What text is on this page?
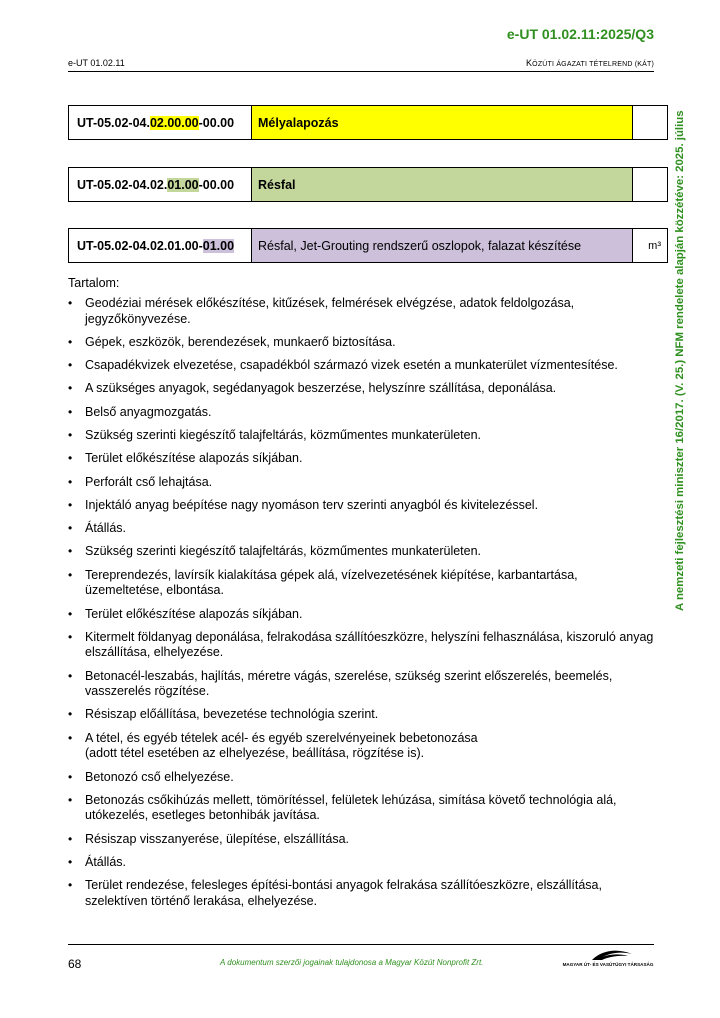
e-UT 01.02.11:2025/Q3
e-UT 01.02.11	KÖZÚTI ÁGAZATI TÉTELREND (KÁT)
A nemzeti fejlesztési miniszter 16/2017. (V. 25.) NFM rendelete alapján közzétéve: 2025. július
UT-05.02-04.02.00.00-00.00	Mélyalapozás	
UT-05.02-04.02.01.00-00.00	Résfal	
UT-05.02-04.02.01.00-01.00	Résfal, Jet-Grouting rendszerű oszlopok, falazat készítése	m³
Tartalom:
• Geodéziai mérések előkészítése, kitűzések, felmérések elvégzése, adatok feldolgozása, jegyzőkönyvezése.
• Gépek, eszközök, berendezések, munkaerő biztosítása.
• Csapadékvizek elvezetése, csapadékból származó vizek esetén a munkaterület vízmentesítése.
• A szükséges anyagok, segédanyagok beszerzése, helyszínre szállítása, deponálása.
• Belső anyagmozgatás.
• Szükség szerinti kiegészítő talajfeltárás, közműmentes munkaterületen.
• Terület előkészítése alapozás síkjában.
• Perforált cső lehajtása.
• Injektáló anyag beépítése nagy nyomáson terv szerinti anyagból és kivitelezéssel.
• Átállás.
• Szükség szerinti kiegészítő talajfeltárás, közműmentes munkaterületen.
• Tereprendezés, lavírsík kialakítása gépek alá, vízelvezetésének kiépítése, karbantartása, üzemeltetése, elbontása.
• Terület előkészítése alapozás síkjában.
• Kitermelt földanyag deponálása, felrakodása szállítóeszközre, helyszíni felhasználása, kiszoruló anyag elszállítása, elhelyezése.
• Betonacél-leszabás, hajlítás, méretre vágás, szerelése, szükség szerint előszerelés, beemelés, vasszerelés rögzítése.
• Résiszap előállítása, bevezetése technológia szerint.
• A tétel, és egyéb tételek acél- és egyéb szerelvényeinek bebetonozása
(adott tétel esetében az elhelyezése, beállítása, rögzítése is).
• Betonozó cső elhelyezése.
• Betonozás csőkihúzás mellett, tömörítéssel, felületek lehúzása, simítása követő technológia alá, utókezelés, esetleges betonhibák javítása.
• Résiszap visszanyerése, ülepítése, elszállítása.
• Átállás.
• Terület rendezése, felesleges építési-bontási anyagok felrakása szállítóeszközre, elszállítása, szelektíven történő lerakása, elhelyezése.
68	A dokumentum szerzői jogainak tulajdonosa a Magyar Közút Nonprofit Zrt.	MAGYAR ÚT- ÉS VASÚTÜGYI TÁRSASÁG
